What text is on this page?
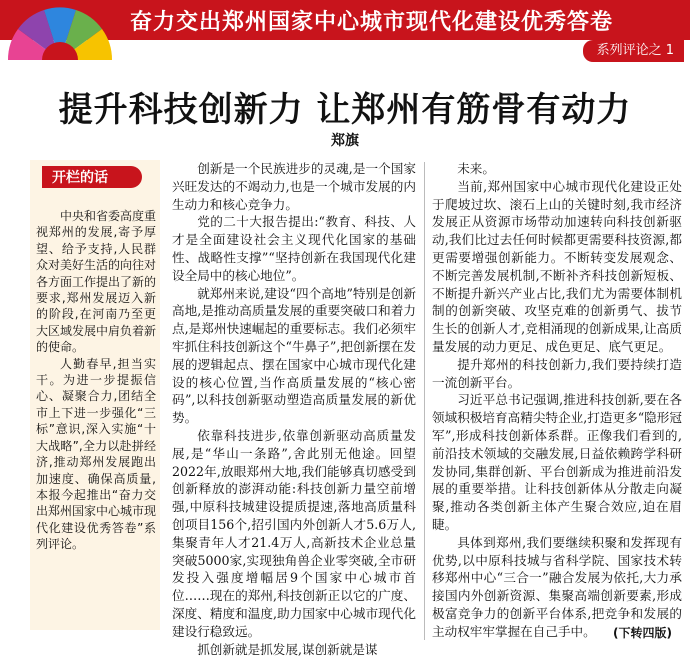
奋力交出郑州国家中心城市现代化建设优秀答卷
系列评论之 1
提升科技创新力 让郑州有筋骨有动力
郑旗
开栏的话

中央和省委高度重视郑州的发展,寄予厚望、给予支持,人民群众对美好生活的向往对各方面工作提出了新的要求,郑州发展迈入新的阶段,在河南乃至更大区域发展中肩负着新的使命。

人勤春早,担当实干。为进一步提振信心、凝聚合力,团结全市上下进一步强化“三标”意识,深入实施“十大战略”,全力以赴拼经济,推动郑州发展跑出加速度、确保高质量,本报今起推出“奋力交出郑州国家中心城市现代化建设优秀答卷”系列评论。

创新是一个民族进步的灵魂,是一个国家兴旺发达的不竭动力,也是一个城市发展的内生动力和核心竞争力。

党的二十大报告提出:“教育、科技、人才是全面建设社会主义现代化国家的基础性、战略性支撑”“坚持创新在我国现代化建设全局中的核心地位”。

就郑州来说,建设“四个高地”特别是创新高地,是推动高质量发展的重要突破口和着力点,是郑州快速崛起的重要标志。我们必须牢牢抓住科技创新这个“牛鼻子”,把创新摆在发展的逻辑起点、摆在国家中心城市现代化建设的核心位置,当作高质量发展的“核心密码”,以科技创新驱动塑造高质量发展的新优势。

依靠科技进步,依靠创新驱动高质量发展,是“华山一条路”,舍此别无他途。回望2022年,放眼郑州大地,我们能够真切感受到创新释放的澎湃动能:科技创新力量空前增强,中原科技城建设提质提速,落地高质量科创项目156个,招引国内外创新人才5.6万人,集聚青年人才21.4万人,高新技术企业总量突破5000家,实现独角兽企业零突破,全市研发投入强度增幅居9个国家中心城市首位……现在的郑州,科技创新正以它的广度、深度、精度和温度,助力国家中心城市现代化建设行稳致远。

抓创新就是抓发展,谋创新就是谋

未来。

当前,郑州国家中心城市现代化建设正处于爬坡过坎、滚石上山的关键时刻,我市经济发展正从资源市场带动加速转向科技创新驱动,我们比过去任何时候都更需要科技资源,都更需要增强创新能力。不断转变发展观念、不断完善发展机制,不断补齐科技创新短板、不断提升新兴产业占比,我们尤为需要体制机制的创新突破、攻坚克难的创新勇气、拔节生长的创新人才,竞相涌现的创新成果,让高质量发展的动力更足、成色更足、底气更足。

提升郑州的科技创新力,我们要持续打造一流创新平台。

习近平总书记强调,推进科技创新,要在各领域积极培育高精尖特企业,打造更多“隐形冠军”,形成科技创新体系群。正像我们看到的,前沿技术领域的交融发展,日益依赖跨学科研发协同,集群创新、平台创新成为推进前沿发展的重要举措。让科技创新体从分散走向凝聚,推动各类创新主体产生聚合效应,迫在眉睫。

具体到郑州,我们要继续积聚和发挥现有优势,以中原科技城与省科学院、国家技术转移郑州中心“三合一”融合发展为依托,大力承接国内外创新资源、集聚高端创新要素,形成极富竞争力的创新平台体系,把竞争和发展的主动权牢牢掌握在自己手中。	(下转四版)
